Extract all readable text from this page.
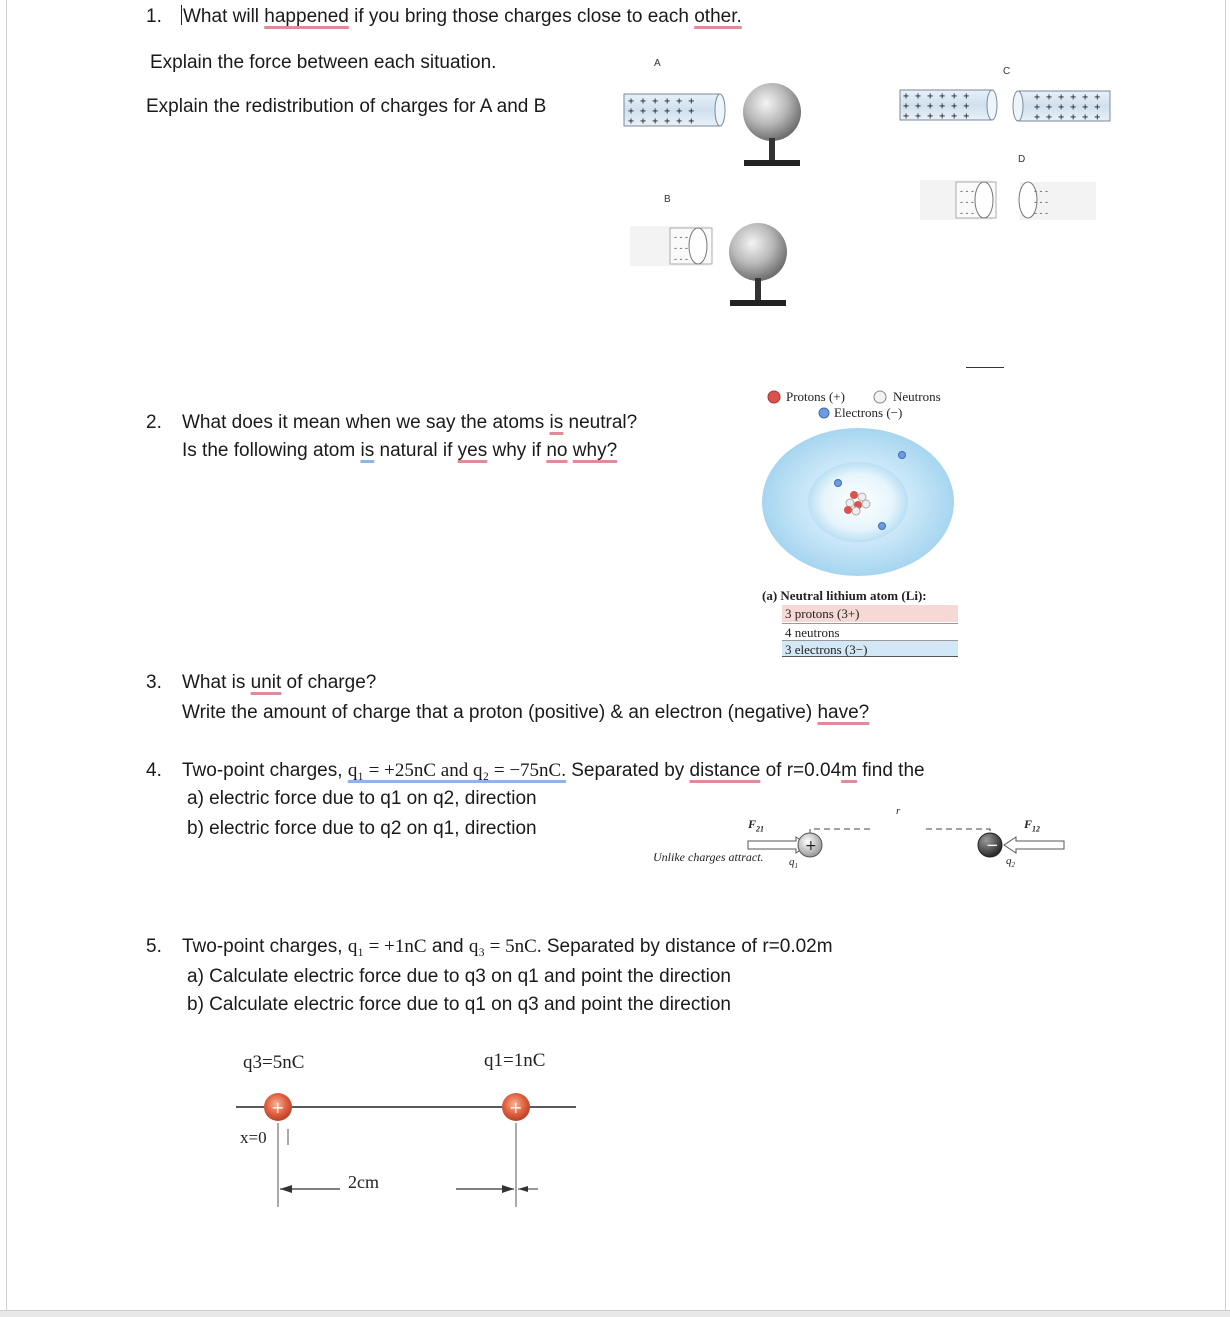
1. What will happened if you bring those charges close to each other.
Explain the force between each situation.
Explain the redistribution of charges for A and B
A
C
D
B
+ + + + + +
+ + + + + +
+ + + + + +
- - -
- - -
- - -
+ + + + + +
+ + + + + +
+ + + + + +
+ + + + + +
+ + + + + +
+ + + + + +
- - -
- - -
- - -
- - -
- - -
- - -
2. What does it mean when we say the atoms is neutral?
Is the following atom is natural if yes why if no why?
Protons (+)	Neutrons
Electrons (−)
(a) Neutral lithium atom (Li):
3 protons (3+)
4 neutrons
3 electrons (3−)
3. What is unit of charge?
Write the amount of charge that a proton (positive) & an electron (negative) have?
4. Two-point charges, q₁ = +25nC and q₂ = −75nC. Separated by distance of r=0.04m find the
a) electric force due to q1 on q2, direction
b) electric force due to q2 on q1, direction
+	−
r
$F_{21}$	$F_{12}$
Unlike charges attract. $q_1$	$q_2$
5. Two-point charges, q₁ = +1nC and q₃ = 5nC. Separated by distance of r=0.02m
a) Calculate electric force due to q3 on q1 and point the direction
b) Calculate electric force due to q1 on q3 and point the direction
q3=5nC	q1=1nC
x=0
2cm
+	+
